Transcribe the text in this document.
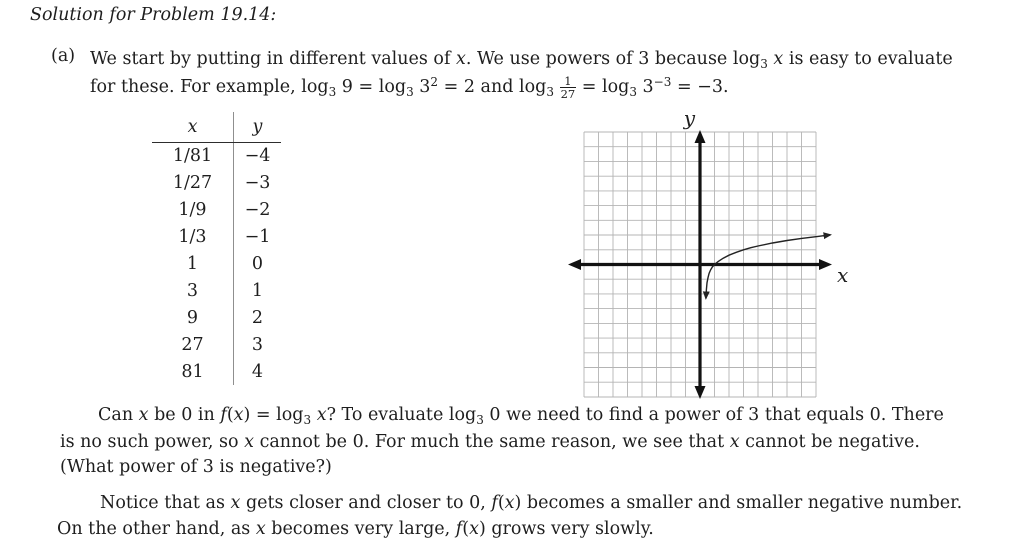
Solution for Problem 19.14:
(a) We start by putting in different values of x. We use powers of 3 because $\log_3 x$ is easy to evaluate
for these. For example, $\log_3 9 = \log_3 3^2 = 2$ and $\log_3 \frac{1}{27} = \log_3 3^{-3} = -3$.
x	y
1/81	−4
1/27	−3
1/9	−2
1/3	−1
1	0
3	1
9	2
27	3
81	4
y
x
Can x be 0 in $f(x) = \log_3 x$? To evaluate $\log_3 0$ we need to find a power of 3 that equals 0. There
is no such power, so x cannot be 0. For much the same reason, we see that x cannot be negative.
(What power of 3 is negative?)
Notice that as x gets closer and closer to 0, f(x) becomes a smaller and smaller negative number.
On the other hand, as x becomes very large, f(x) grows very slowly.
